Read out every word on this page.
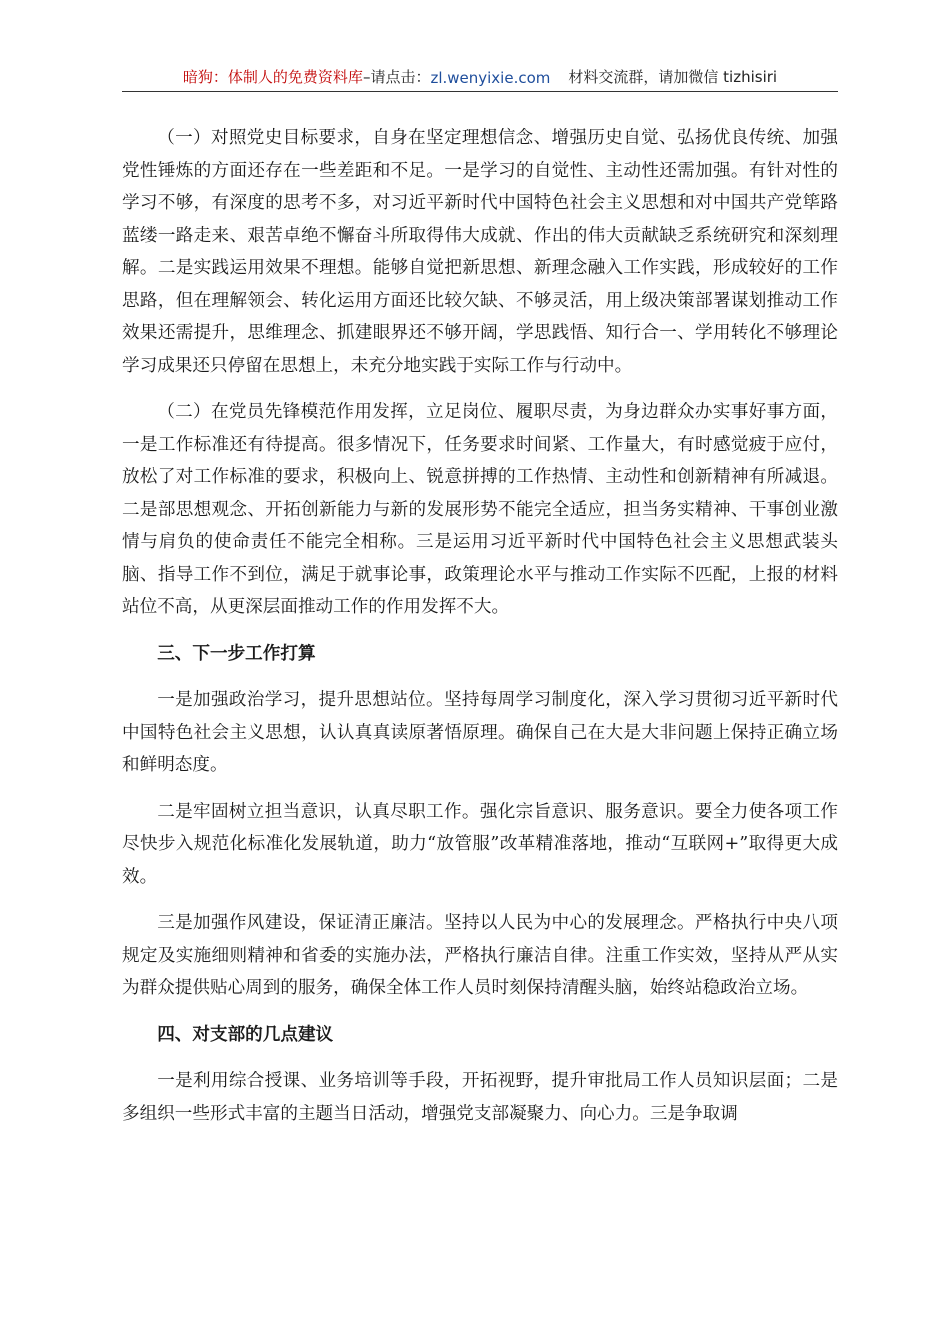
暗狗：体制人的免费资料库 –请点击： zl.wenyixie.com 材料交流群，请加微信 tizhisiri

（一）对照党史目标要求，自身在坚定理想信念、增强历史自觉、弘扬优良传统、加强党性锤炼的方面还存在一些差距和不足。一是学习的自觉性、主动性还需加强。有针对性的学习不够，有深度的思考不多，对习近平新时代中国特色社会主义思想和对中国共产党筚路蓝缕一路走来、艰苦卓绝不懈奋斗所取得伟大成就、作出的伟大贡献缺乏系统研究和深刻理解。二是实践运用效果不理想。能够自觉把新思想、新理念融入工作实践，形成较好的工作思路，但在理解领会、转化运用方面还比较欠缺、不够灵活，用上级决策部署谋划推动工作效果还需提升，思维理念、抓建眼界还不够开阔，学思践悟、知行合一、学用转化不够理论学习成果还只停留在思想上，未充分地实践于实际工作与行动中。

（二）在党员先锋模范作用发挥，立足岗位、履职尽责，为身边群众办实事好事方面，一是工作标准还有待提高。很多情况下，任务要求时间紧、工作量大，有时感觉疲于应付，放松了对工作标准的要求，积极向上、锐意拼搏的工作热情、主动性和创新精神有所减退。二是部思想观念、开拓创新能力与新的发展形势不能完全适应，担当务实精神、干事创业激情与肩负的使命责任不能完全相称。三是运用习近平新时代中国特色社会主义思想武装头脑、指导工作不到位，满足于就事论事，政策理论水平与推动工作实际不匹配，上报的材料站位不高，从更深层面推动工作的作用发挥不大。

三、下一步工作打算

一是加强政治学习，提升思想站位。坚持每周学习制度化，深入学习贯彻习近平新时代中国特色社会主义思想，认认真真读原著悟原理。确保自己在大是大非问题上保持正确立场和鲜明态度。

二是牢固树立担当意识，认真尽职工作。强化宗旨意识、服务意识。要全力使各项工作尽快步入规范化标准化发展轨道，助力“放管服”改革精准落地，推动“互联网+”取得更大成效。

三是加强作风建设，保证清正廉洁。坚持以人民为中心的发展理念。严格执行中央八项规定及实施细则精神和省委的实施办法，严格执行廉洁自律。注重工作实效，坚持从严从实为群众提供贴心周到的服务，确保全体工作人员时刻保持清醒头脑，始终站稳政治立场。

四、对支部的几点建议

一是利用综合授课、业务培训等手段，开拓视野，提升审批局工作人员知识层面；二是多组织一些形式丰富的主题当日活动，增强党支部凝聚力、向心力。三是争取调
